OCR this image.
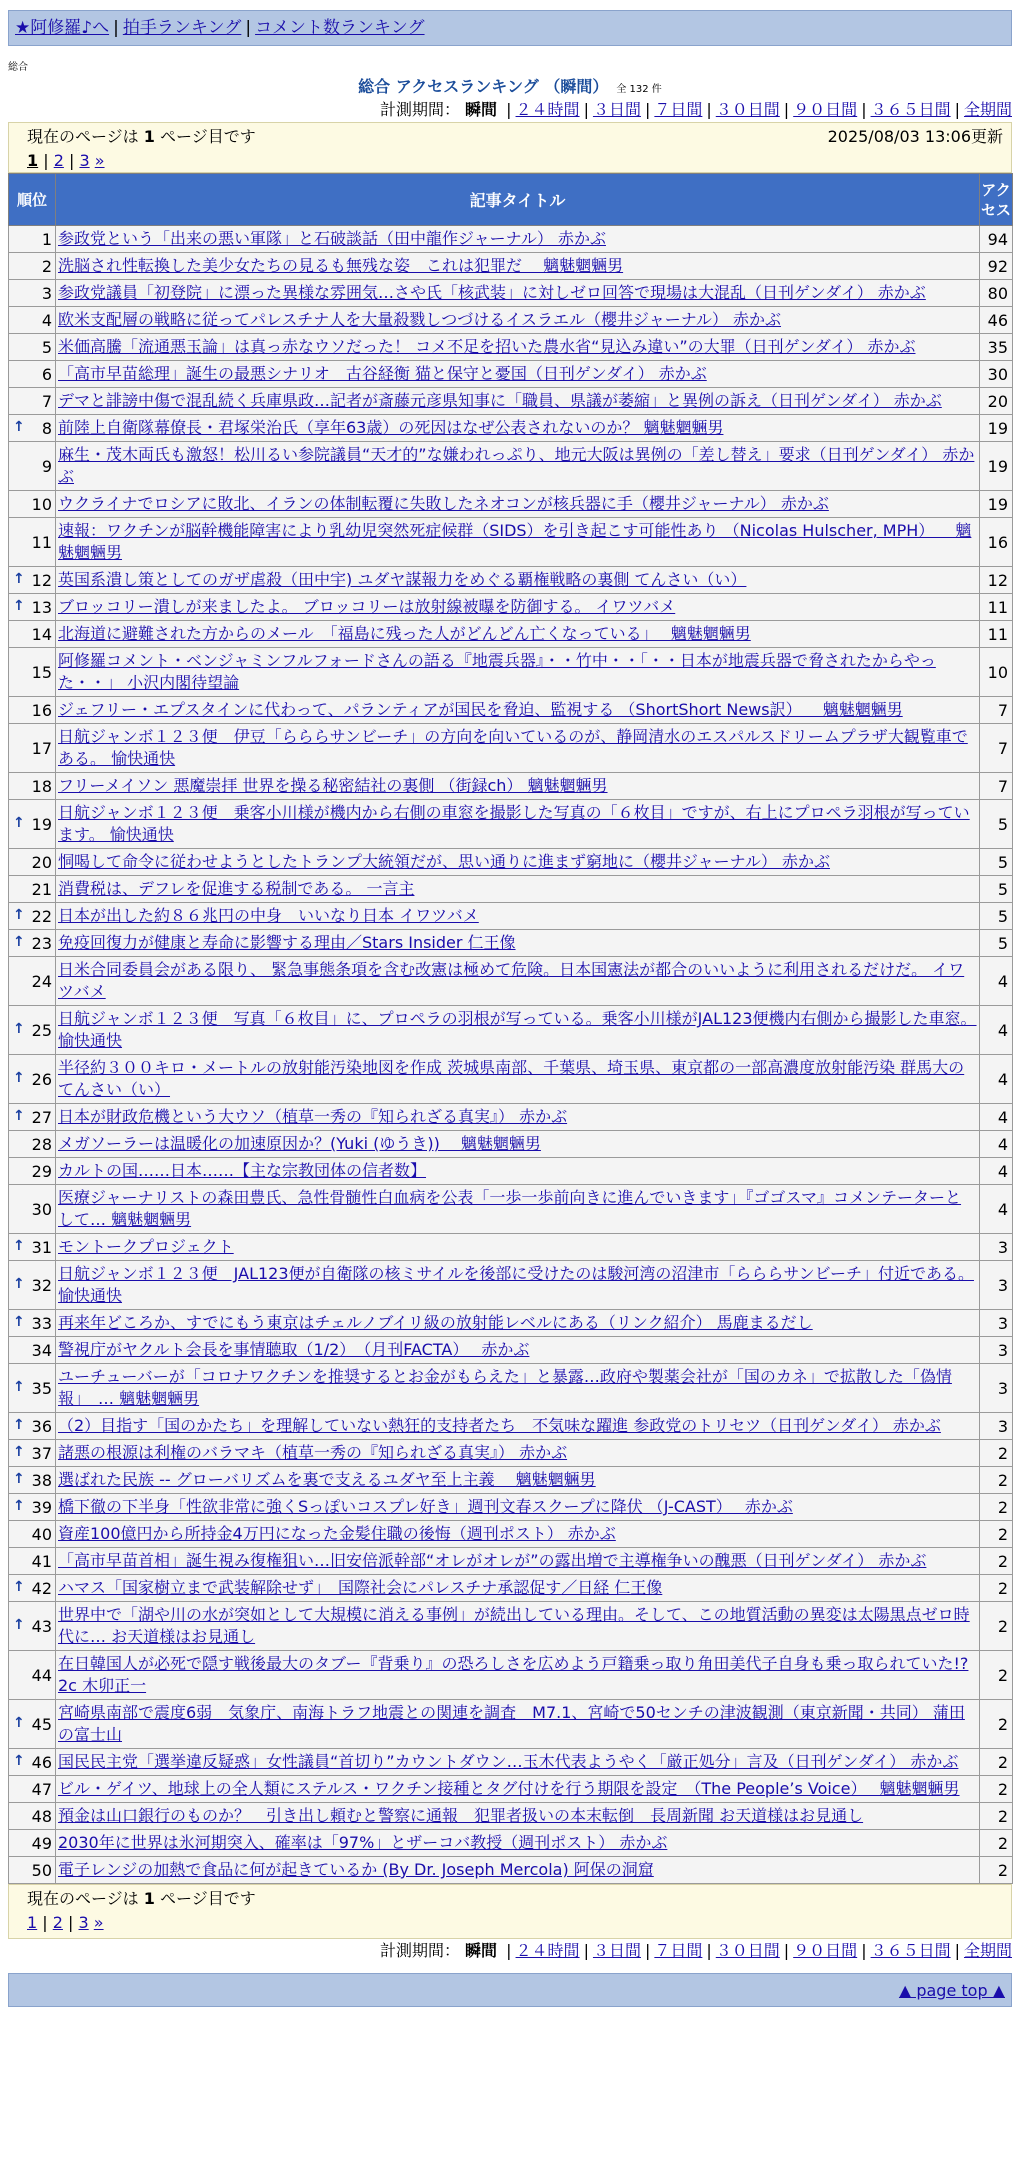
★阿修羅♪へ | 拍手ランキング | コメント数ランキング
総合
総合 アクセスランキング （瞬間） 全 132 件
計測期間： 瞬間 | ２４時間 | ３日間 | ７日間 | ３０日間 | ９０日間 | ３６５日間 | 全期間
現在のページは 1 ページ目です	2025/08/03 13:06更新
1 | 2 | 3 »
順位	記事タイトル	アクセス
1	参政党という「出来の悪い軍隊」と石破談話（田中龍作ジャーナル） 赤かぶ	94
2	洗脳され性転換した美少女たちの見るも無残な姿　これは犯罪だ　 魑魅魍魎男	92
3	参政党議員「初登院」に漂った異様な雰囲気…さや氏「核武装」に対しゼロ回答で現場は大混乱（日刊ゲンダイ） 赤かぶ	80
4	欧米支配層の戦略に従ってパレスチナ人を大量殺戮しつづけるイスラエル（櫻井ジャーナル） 赤かぶ	46
5	米価高騰「流通悪玉論」は真っ赤なウソだった！ コメ不足を招いた農水省“見込み違い”の大罪（日刊ゲンダイ） 赤かぶ	35
6	「高市早苗総理」誕生の最悪シナリオ　古谷経衡 猫と保守と憂国（日刊ゲンダイ） 赤かぶ	30
7	デマと誹謗中傷で混乱続く兵庫県政…記者が斎藤元彦県知事に「職員、県議が萎縮」と異例の訴え（日刊ゲンダイ） 赤かぶ	20

↑ 8	前陸上自衛隊幕僚長・君塚栄治氏（享年63歳）の死因はなぜ公表されないのか？ 魑魅魍魎男	19
9	麻生・茂木両氏も激怒！松川るい参院議員“天才的”な嫌われっぷり、地元大阪は異例の「差し替え」要求（日刊ゲンダイ） 赤かぶ	19
10	ウクライナでロシアに敗北、イランの体制転覆に失敗したネオコンが核兵器に手（櫻井ジャーナル） 赤かぶ	19
11	速報：ワクチンが脳幹機能障害により乳幼児突然死症候群（SIDS）を引き起こす可能性あり （Nicolas Hulscher, MPH） 　魑魅魍魎男	16

↑ 12	英国系潰し策としてのガザ虐殺（田中宇) ユダヤ謀報力をめぐる覇権戦略の裏側 てんさい（い）	12

↑ 13	ブロッコリー潰しが来ましたよ。 ブロッコリーは放射線被曝を防御する。 イワツバメ	11
14	北海道に避難された方からのメール　「福島に残った人がどんどん亡くなっている」　 魑魅魍魎男	11
15	阿修羅コメント・ベンジャミンフルフォードさんの語る『地震兵器』・・竹中・・「・・日本が地震兵器で脅されたからやった・・」 小沢内閣待望論	10
16	ジェフリー・エプスタインに代わって、パランティアが国民を脅迫、監視する （ShortShort News訳） 　魑魅魍魎男	7
17	日航ジャンボ１２３便　伊豆「らららサンビーチ」の方向を向いているのが、静岡清水のエスパルスドリームプラザ大観覧車である。 愉快通快	7
18	フリーメイソン 悪魔崇拝 世界を操る秘密結社の裏側 （街録ch） 魑魅魍魎男	7

↑ 19	日航ジャンボ１２３便　乗客小川様が機内から右側の車窓を撮影した写真の「６枚目」ですが、右上にプロペラ羽根が写っています。 愉快通快	5
20	恫喝して命令に従わせようとしたトランプ大統領だが、思い通りに進まず窮地に（櫻井ジャーナル） 赤かぶ	5
21	消費税は、デフレを促進する税制である。 一言主	5

↑ 22	日本が出した約８６兆円の中身　いいなり日本 イワツバメ	5

↑ 23	免疫回復力が健康と寿命に影響する理由／Stars Insider 仁王像	5
24	日米合同委員会がある限り、 緊急事態条項を含む改憲は極めて危険。日本国憲法が都合のいいように利用されるだけだ。 イワツバメ	4

↑ 25	日航ジャンボ１２３便　写真「６枚目」に、プロペラの羽根が写っている。乗客小川様がJAL123便機内右側から撮影した車窓。 愉快通快	4

↑ 26	半径約３００キロ・メートルの放射能汚染地図を作成 茨城県南部、千葉県、埼玉県、東京都の一部高濃度放射能汚染 群馬大のてんさい（い）	4

↑ 27	日本が財政危機という大ウソ（植草一秀の『知られざる真実』） 赤かぶ	4
28	メガソーラーは温暖化の加速原因か？(Yuki (ゆうき)) 　魑魅魍魎男	4
29	カルトの国……日本……【主な宗教団体の信者数】	4
30	医療ジャーナリストの森田豊氏、急性骨髄性白血病を公表「一歩一歩前向きに進んでいきます」『ゴゴスマ』コメンテーターとして… 魑魅魍魎男	4

↑ 31	モントークプロジェクト	3

↑ 32	日航ジャンボ１２３便　JAL123便が自衛隊の核ミサイルを後部に受けたのは駿河湾の沼津市「らららサンビーチ」付近である。 愉快通快	3

↑ 33	再来年どころか、すでにもう東京はチェルノブイリ級の放射能レベルにある（リンク紹介） 馬鹿まるだし	3
34	警視庁がヤクルト会長を事情聴取（1/2）　（月刊FACTA）　 赤かぶ	3

↑ 35	ユーチューバーが「コロナワクチンを推奨するとお金がもらえた」と暴露…政府や製薬会社が「国のカネ」で拡散した「偽情報」　… 魑魅魍魎男	3

↑ 36	（2）目指す「国のかたち」を理解していない熱狂的支持者たち　不気味な躍進 参政党のトリセツ（日刊ゲンダイ） 赤かぶ	3

↑ 37	諸悪の根源は利権のバラマキ（植草一秀の『知られざる真実』） 赤かぶ	2

↑ 38	選ばれた民族 -- グローバリズムを裏で支えるユダヤ至上主義　 魑魅魍魎男	2

↑ 39	橋下徹の下半身「性欲非常に強くSっぽいコスプレ好き」週刊文春スクープに降伏 （J-CAST）　 赤かぶ	2
40	資産100億円から所持金4万円になった金髪住職の後悔（週刊ポスト） 赤かぶ	2
41	「高市早苗首相」誕生視み復権狙い…旧安倍派幹部“オレがオレが”の露出増で主導権争いの醜悪（日刊ゲンダイ） 赤かぶ	2

↑ 42	ハマス「国家樹立まで武装解除せず」　国際社会にパレスチナ承認促す／日経 仁王像	2

↑ 43	世界中で「湖や川の水が突如として大規模に消える事例」が続出している理由。そして、この地質活動の異変は太陽黒点ゼロ時代に… お天道様はお見通し	2
44	在日韓国人が必死で隠す戦後最大のタブー『背乗り』の恐ろしさを広めよう戸籍乗っ取り角田美代子自身も乗っ取られていた!? 2c 木卯正一	2

↑ 45	宮崎県南部で震度6弱　気象庁、南海トラフ地震との関連を調査　M7.1、宮崎で50センチの津波観測（東京新聞・共同） 蒲田の富士山	2

↑ 46	国民民主党「選挙違反疑惑」女性議員“首切り”カウントダウン…玉木代表ようやく「厳正処分」言及（日刊ゲンダイ） 赤かぶ	2
47	ビル・ゲイツ、地球上の全人類にステルス・ワクチン接種とタグ付けを行う期限を設定　（The People’s Voice）　 魑魅魍魎男	2
48	預金は山口銀行のものか？　引き出し頼むと警察に通報　犯罪者扱いの本末転倒　長周新聞 お天道様はお見通し	2
49	2030年に世界は氷河期突入、確率は「97%」とザーコバ教授（週刊ポスト） 赤かぶ	2
50	電子レンジの加熱で食品に何が起きているか (By Dr. Joseph Mercola) 阿保の洞窟	2
現在のページは 1 ページ目です
1 | 2 | 3 »
計測期間： 瞬間 | ２４時間 | ３日間 | ７日間 | ３０日間 | ９０日間 | ３６５日間 | 全期間
▲ page top ▲
